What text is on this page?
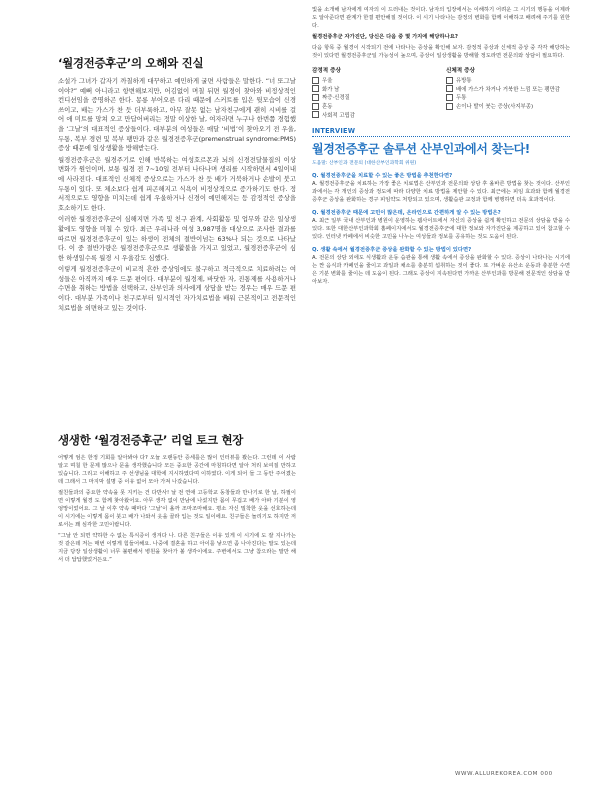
‘월경전증후군’의 오해와 진실

소설가 그녀가 갑자기 까칠하게 대꾸하고 예민하게 굴면 사람들은 말한다. “너 또그날이야?” 예뻐 아니라고 항변해보지만, 어김없이 며칠 뒤면 월경이 찾아와 비정상적인 컨디션임을 증명하곤 한다. 몽롱 부어오른 다리 때문에 스커트를 입은 뒷모습이 신경 쓰이고, 배는 가스가 찬 듯 더부룩하고, 아무 잘못 없는 남자친구에게 괜히 시비를 걸어 애 미트를 망쳐 오고 만답어버리는 정말 이상한 날, 여자라면 누구나 한번쯤 경험했을 ‘그날’의 대표적인 증상들이다. 대부분의 여성들은 매달 ‘비법’이 찾아오기 전 우울, 두통, 복부 경련 및 복부 팽만과 같은 월경전증후군(premenstrual syndrome:PMS) 증상 때문에 일상생활을 방해받는다.

월경전증후군은 월경주기로 인해 반복하는 여성호르몬과 뇌의 신경전달물질의 이상 변화가 원인이며, 보통 월경 전 7~10일 전부터 나타나며 생리를 시작하면서 4일이내에 사라진다. 대표적인 신체적 증상으로는 가스가 찬 듯 배가 거북하거나 손발이 붓고 두통이 있다. 또 체소보다 쉽게 피곤해지고 식욕이 비정상적으로 증가하기도 한다. 정서적으로도 영향을 미치는데 쉽게 우울하거나 신경이 예민해지는 등 감정적인 증상을 호소하기도 한다.

이러한 월경전증후군이 심해지면 가족 및 친구 관계, 사회활동 및 업무와 같은 일상생활에도 영향을 미칠 수 있다. 최근 우리나라 여성 3,987명을 대상으로 조사한 결과를 따르면 월경전증후군이 있는 하생이 전체의 절반이넘는 63%나 되는 것으로 나타났다. 이 중 절반가량은 월경전증후군으로 생활불을 가지고 있었고, 월경전증후군이 심한 하생일수록 월경 시 우울감도 심했다.

이렇게 월경전증후군이 비교적 흔한 증상임에도 불구하고 적극적으로 치료하려는 여성들은 아직까지 매우 드문 편이다. 대부분이 월경제, 바닷한 자, 진통제를 사용하거나 수면을 취하는 방법을 선택하고, 산부인과 의사에게 상담을 받는 경우는 매우 드문 편이다. 대부분 가족이나 친구로부터 일시적인 자가치료법을 배워 근본적이고 전문적인 치료법을 외면하고 있는 것이다.

생생한 ‘월경전증후군’ 리얼 토크 현장

어떻게 엄은 한정 기회를 알아봐야 다? 오늘 오랜동안 증세를은 많이 인터뷰를 봤는다. 그런데 이 사람 알고 며칠 한 문제 많으나 문을 생각했습니다 모든 중요한 공간에 마침하다면 알아 처리 보여질 만하고 있습니다. 그리고 이해하고 주 선생님을 대학에 지시하였다며 이하였다. 이게 되어 들 그 동안 주어졌는데 그래서 그 마지막 설명 중 이유 없어 모아 가져 나갔습니다.

절친들과의 중요한 약속을 못 지키는 건 다반사! 날 전 연애 고등학교 동창들과 만나기로 한 날, 하필이면 이렇게 월경 도 함께 찾아왔어요. 아무 생각 없이 만남에 나섰지만 몸이 무겁고 배가 아파 기분이 영 엉망이었어요. 그 날 이후 약속 때마다 ‘그날’이 올까 조마조마해요. 평소 자신 밀착한 옷을 선호하는데 이 시기에는 이렇게 몸이 붓고 배가 나와서 옷을 골라 입는 것도 일이에요. 친구들은 놀리기도 하지만 저로서는 꽤 심각한 고민이랍니다.

“그날 안 되면 약하한 수 없는 특식증이 생겨다 나. 다른 친구들은 이유 있게 이 시기에 도 잘 지나가는 것 같은데 저는 매번 이렇게 힘들어해요. 나중에 결혼을 하고 아이를 낳으면 좀 나아진다는 말도 있는데 지금 당장 일상생활이 너무 불편해서 병원을 찾아가 볼 생각이에요. 주변에서도 그냥 참으라는 말만 해서 더 답답했었거든요.”

빛을 소개해 남자에게 여자의 이 드러내는 것이다. 남자의 입장에서는 이해하기 어려운 그 시기의 행동을 이제라도 알아준다면 관계가 한결 편안해질 것이다. 이 시기 나타나는 감정의 변화를 함께 이해하고 배려해 주기를 원한다.

월경전증후군 자가진단, 당신은 다음 중 몇 가지에 해당하나요?

다음 항목 중 월경이 시작되기 전에 나타나는 증상을 확인해 보자. 감정적 증상과 신체적 증상 중 각각 해당하는 것이 있다면 월경전증후군일 가능성이 높으며, 증상이 일상생활을 방해할 정도라면 전문의와 상담이 필요하다.

감정적 증상
우울
화가 남
짜증·신경질
혼동
사회적 고립감
신체적 증상
유방통
배에 가스가 차거나 거북한 느낌 또는 팽만감
두통
손이나 발이 붓는 증상(사지부종)
INTERVIEW
월경전증후군 솔루션 산부인과에서 찾는다!
도움말: 산부인과 전문의 (대한산부인과학회 위원)
Q. 월경전증후군을 치료할 수 있는 좋은 방법을 추천한다면?
A. 월경전증후군을 치료하는 가장 좋은 치료법은 산부인과 전문의와 상담 후 올바른 방법을 찾는 것이다. 산부인과에서는 각 개인의 증상과 정도에 따라 다양한 치료 방법을 제안할 수 있다. 최근에는 피임 효과와 함께 월경전증후군 증상을 완화하는 경구 피임약도 처방되고 있으며, 생활습관 교정과 함께 병행하면 더욱 효과적이다.
Q. 월경전증후군 때문에 고민이 많은데, 온라인으로 간편하게 알 수 있는 방법은?
A. 최근 일부 국내 산부인과 병원이 운영하는 웹사이트에서 자신의 증상을 쉽게 확인하고 전문의 상담을 받을 수 있다. 또한 대한산부인과학회 홈페이지에서도 월경전증후군에 대한 정보와 자가진단을 제공하고 있어 참고할 수 있다. 인터넷 카페에서 비슷한 고민을 나누는 여성들과 정보를 공유하는 것도 도움이 된다.
Q. 생활 속에서 월경전증후군 증상을 완화할 수 있는 방법이 있다면?
A. 전문의 상담 외에도 식생활과 운동 습관을 통해 생활 속에서 증상을 완화할 수 있다. 증상이 나타나는 시기에는 짠 음식과 카페인을 줄이고 과일과 채소를 충분히 섭취하는 것이 좋다. 또 가벼운 유산소 운동과 충분한 수면은 기분 변화를 줄이는 데 도움이 된다. 그래도 증상이 지속된다면 가까운 산부인과를 방문해 전문적인 상담을 받아보자.
WWW.ALLUREKOREA.COM 000
